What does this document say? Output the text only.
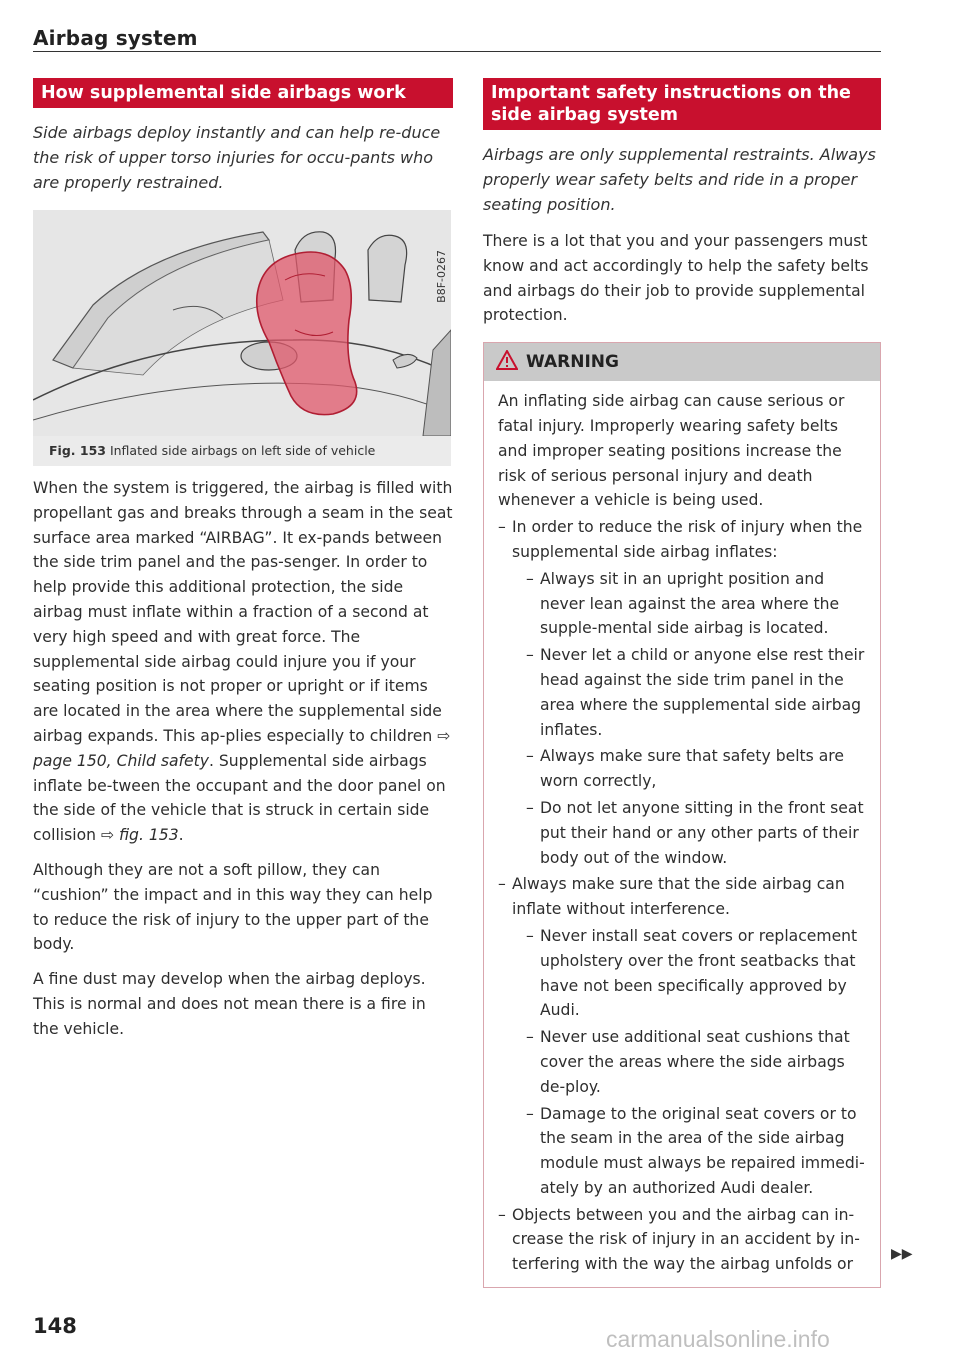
Airbag system
How supplemental side airbags work

Side airbags deploy instantly and can help re-duce the risk of upper torso injuries for occu-pants who are properly restrained.

B8F-0267
Fig. 153 Inflated side airbags on left side of vehicle

When the system is triggered, the airbag is filled with propellant gas and breaks through a seam in the seat surface area marked “AIRBAG”. It ex-pands between the side trim panel and the pas-senger. In order to help provide this additional protection, the side airbag must inflate within a fraction of a second at very high speed and with great force. The supplemental side airbag could injure you if your seating position is not proper or upright or if items are located in the area where the supplemental side airbag expands. This ap-plies especially to children ⇨ page 150, Child safety. Supplemental side airbags inflate be-tween the occupant and the door panel on the side of the vehicle that is struck in certain side collision ⇨ fig. 153.

Although they are not a soft pillow, they can “cushion” the impact and in this way they can help to reduce the risk of injury to the upper part of the body.

A fine dust may develop when the airbag deploys. This is normal and does not mean there is a fire in the vehicle.

Important safety instructions on the side airbag system

Airbags are only supplemental restraints. Always properly wear safety belts and ride in a proper seating position.

There is a lot that you and your passengers must know and act accordingly to help the safety belts and airbags do their job to provide supplemental protection.

WARNING

An inflating side airbag can cause serious or fatal injury. Improperly wearing safety belts and improper seating positions increase the risk of serious personal injury and death whenever a vehicle is being used.

– In order to reduce the risk of injury when the supplemental side airbag inflates:
– Always sit in an upright position and never lean against the area where the supple-mental side airbag is located.
– Never let a child or anyone else rest their head against the side trim panel in the area where the supplemental side airbag inflates.
– Always make sure that safety belts are worn correctly,
– Do not let anyone sitting in the front seat put their hand or any other parts of their body out of the window.
– Always make sure that the side airbag can inflate without interference.
– Never install seat covers or replacement upholstery over the front seatbacks that have not been specifically approved by Audi.
– Never use additional seat cushions that cover the areas where the side airbags de-ploy.
– Damage to the original seat covers or to the seam in the area of the side airbag module must always be repaired immedi-ately by an authorized Audi dealer.
– Objects between you and the airbag can in-crease the risk of injury in an accident by in-terfering with the way the airbag unfolds or
▶▶
148	carmanualsonline.info
